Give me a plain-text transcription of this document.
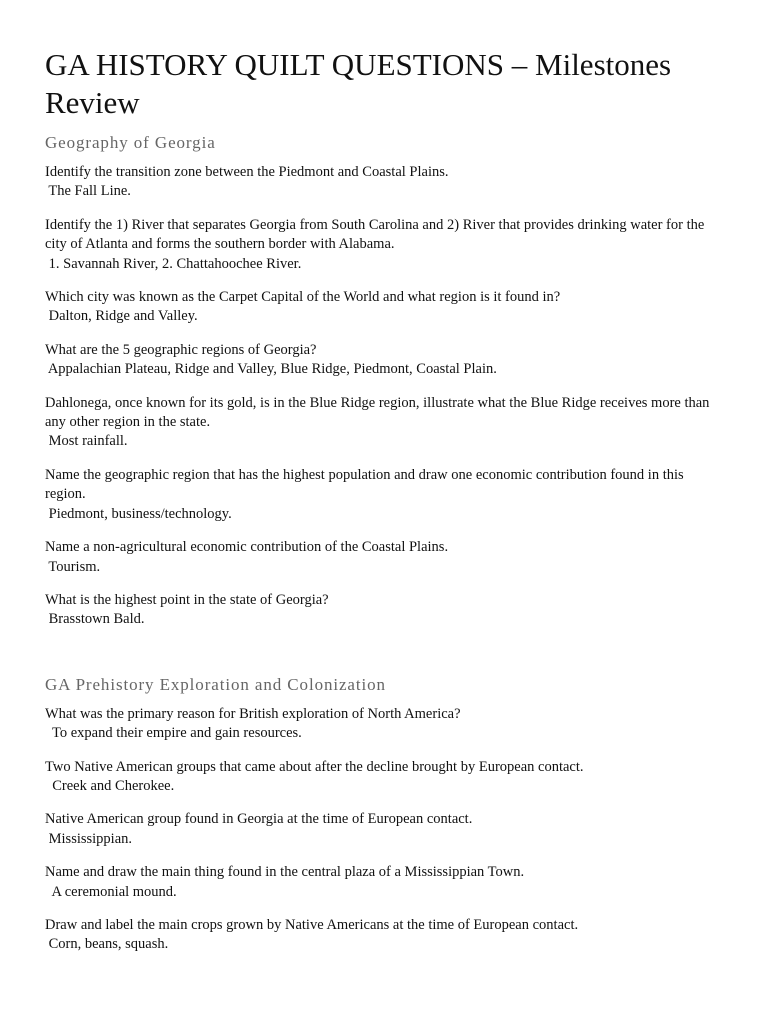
GA HISTORY QUILT QUESTIONS – Milestones Review
Geography of Georgia
Identify the transition zone between the Piedmont and Coastal Plains.
The Fall Line.
Identify the 1) River that separates Georgia from South Carolina and 2) River that provides drinking water for the city of Atlanta and forms the southern border with Alabama.
1. Savannah River, 2. Chattahoochee River.
Which city was known as the Carpet Capital of the World and what region is it found in?
Dalton, Ridge and Valley.
What are the 5 geographic regions of Georgia?
Appalachian Plateau, Ridge and Valley, Blue Ridge, Piedmont, Coastal Plain.
Dahlonega, once known for its gold, is in the Blue Ridge region, illustrate what the Blue Ridge receives more than any other region in the state.
Most rainfall.
Name the geographic region that has the highest population and draw one economic contribution found in this region.
Piedmont, business/technology.
Name a non-agricultural economic contribution of the Coastal Plains.
Tourism.
What is the highest point in the state of Georgia?
Brasstown Bald.
GA Prehistory Exploration and Colonization
What was the primary reason for British exploration of North America?
To expand their empire and gain resources.
Two Native American groups that came about after the decline brought by European contact.
Creek and Cherokee.
Native American group found in Georgia at the time of European contact.
Mississippian.
Name and draw the main thing found in the central plaza of a Mississippian Town.
A ceremonial mound.
Draw and label the main crops grown by Native Americans at the time of European contact.
Corn, beans, squash.
